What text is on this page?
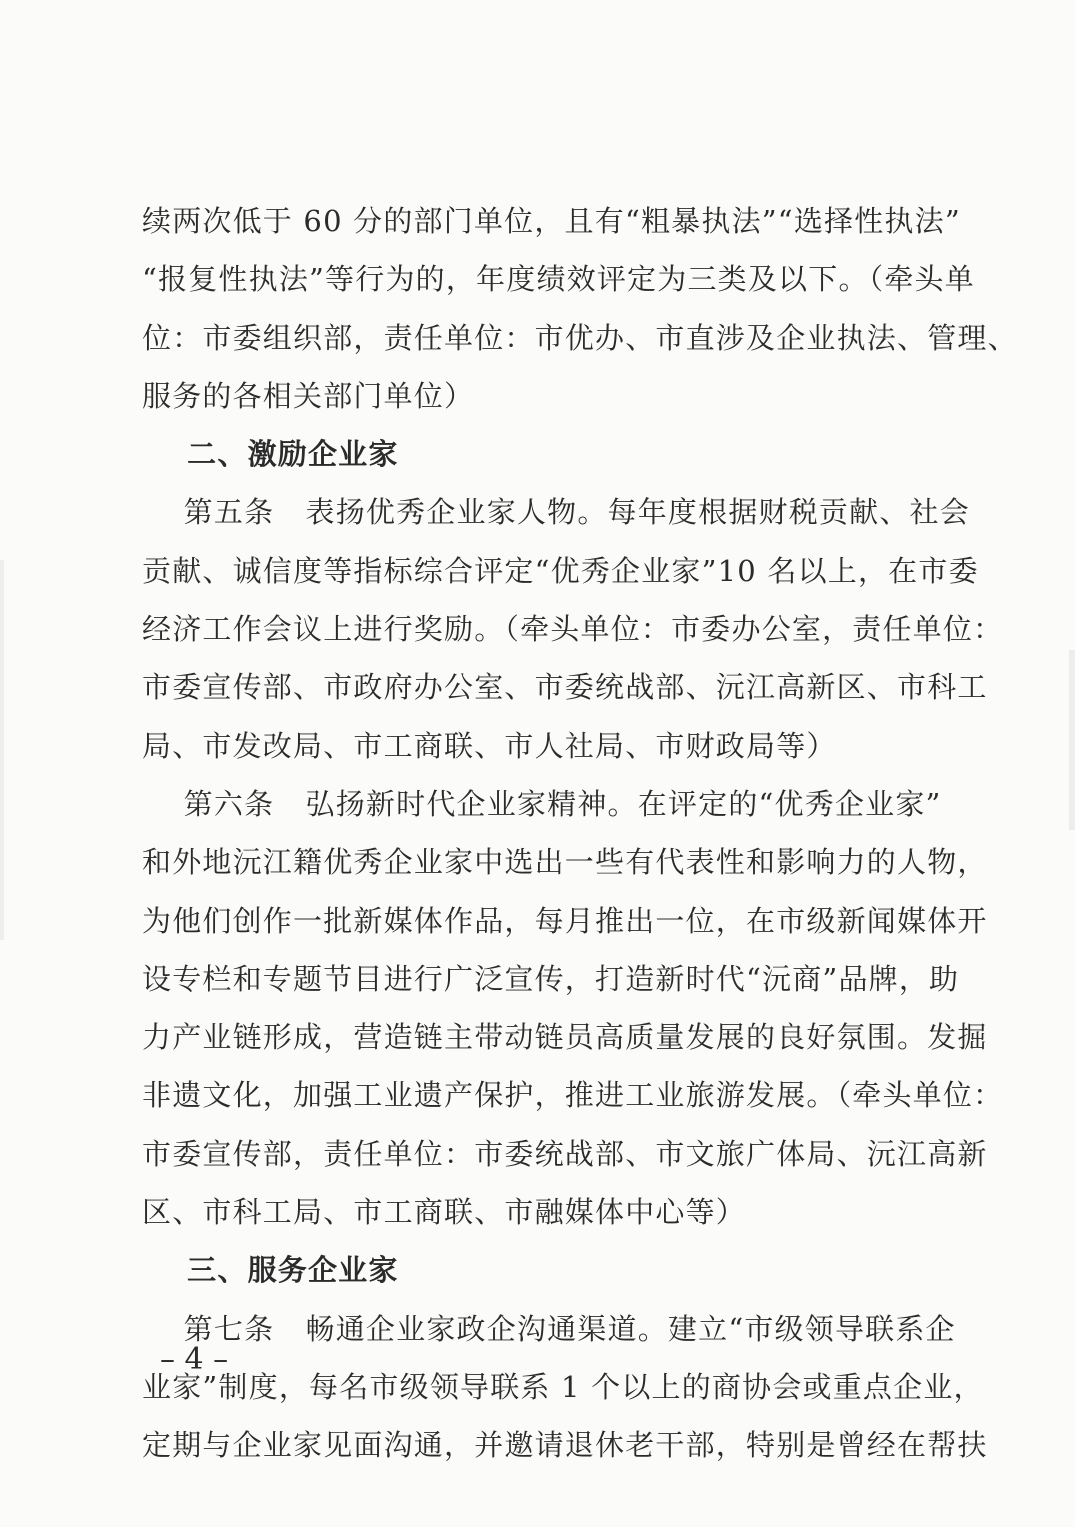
续两次低于 60 分的部门单位，且有“粗暴执法”“选择性执法”
“报复性执法”等行为的，年度绩效评定为三类及以下。（牵头单
位：市委组织部，责任单位：市优办、市直涉及企业执法、管理、
服务的各相关部门单位）
二、激励企业家
第五条   表扬优秀企业家人物。每年度根据财税贡献、社会
贡献、诚信度等指标综合评定“优秀企业家”10 名以上，在市委
经济工作会议上进行奖励。（牵头单位：市委办公室，责任单位：
市委宣传部、市政府办公室、市委统战部、沅江高新区、市科工
局、市发改局、市工商联、市人社局、市财政局等）
第六条   弘扬新时代企业家精神。在评定的“优秀企业家”
和外地沅江籍优秀企业家中选出一些有代表性和影响力的人物，
为他们创作一批新媒体作品，每月推出一位，在市级新闻媒体开
设专栏和专题节目进行广泛宣传，打造新时代“沅商”品牌，助
力产业链形成，营造链主带动链员高质量发展的良好氛围。发掘
非遗文化，加强工业遗产保护，推进工业旅游发展。（牵头单位：
市委宣传部，责任单位：市委统战部、市文旅广体局、沅江高新
区、市科工局、市工商联、市融媒体中心等）
三、服务企业家
第七条   畅通企业家政企沟通渠道。建立“市级领导联系企
业家”制度，每名市级领导联系 1 个以上的商协会或重点企业，
定期与企业家见面沟通，并邀请退休老干部，特别是曾经在帮扶
– 4 –
